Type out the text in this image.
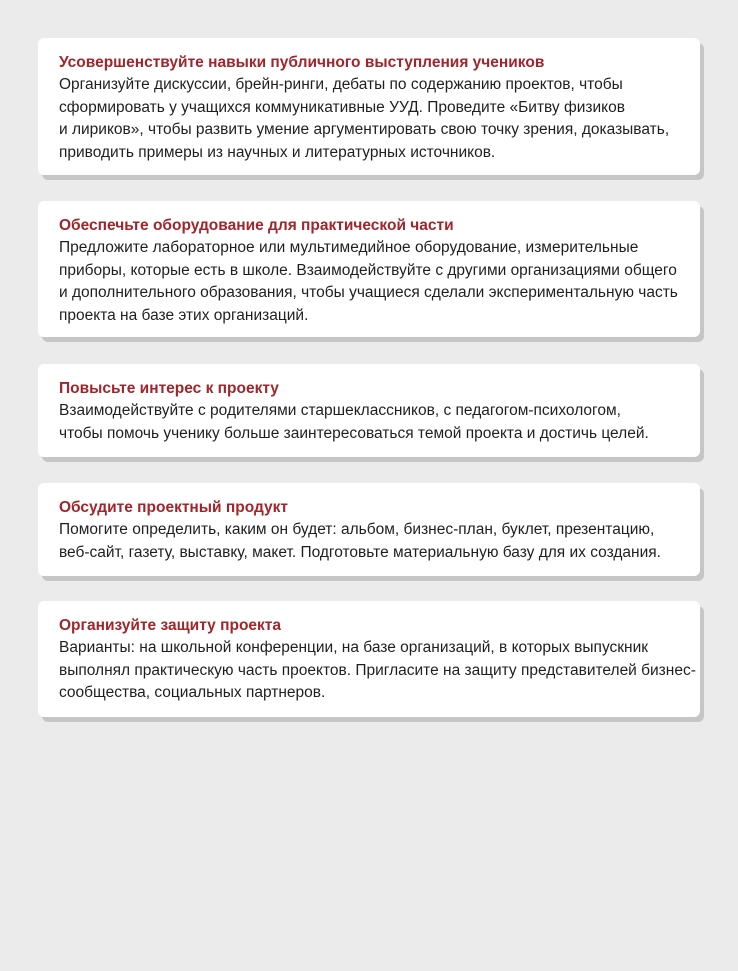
Усовершенствуйте навыки публичного выступления учеников
Организуйте дискуссии, брейн-ринги, дебаты по содержанию проектов, чтобы
сформировать у учащихся коммуникативные УУД. Проведите «Битву физиков
и лириков», чтобы развить умение аргументировать свою точку зрения, доказывать,
приводить примеры из научных и литературных источников.
Обеспечьте оборудование для практической части
Предложите лабораторное или мультимедийное оборудование, измерительные
приборы, которые есть в школе. Взаимодействуйте с другими организациями общего
и дополнительного образования, чтобы учащиеся сделали экспериментальную часть
проекта на базе этих организаций.
Повысьте интерес к проекту
Взаимодействуйте с родителями старшеклассников, с педагогом-психологом,
чтобы помочь ученику больше заинтересоваться темой проекта и достичь целей.
Обсудите проектный продукт
Помогите определить, каким он будет: альбом, бизнес-план, буклет, презентацию,
веб-сайт, газету, выставку, макет. Подготовьте материальную базу для их создания.
Организуйте защиту проекта
Варианты: на школьной конференции, на базе организаций, в которых выпускник
выполнял практическую часть проектов. Пригласите на защиту представителей бизнес-
сообщества, социальных партнеров.
